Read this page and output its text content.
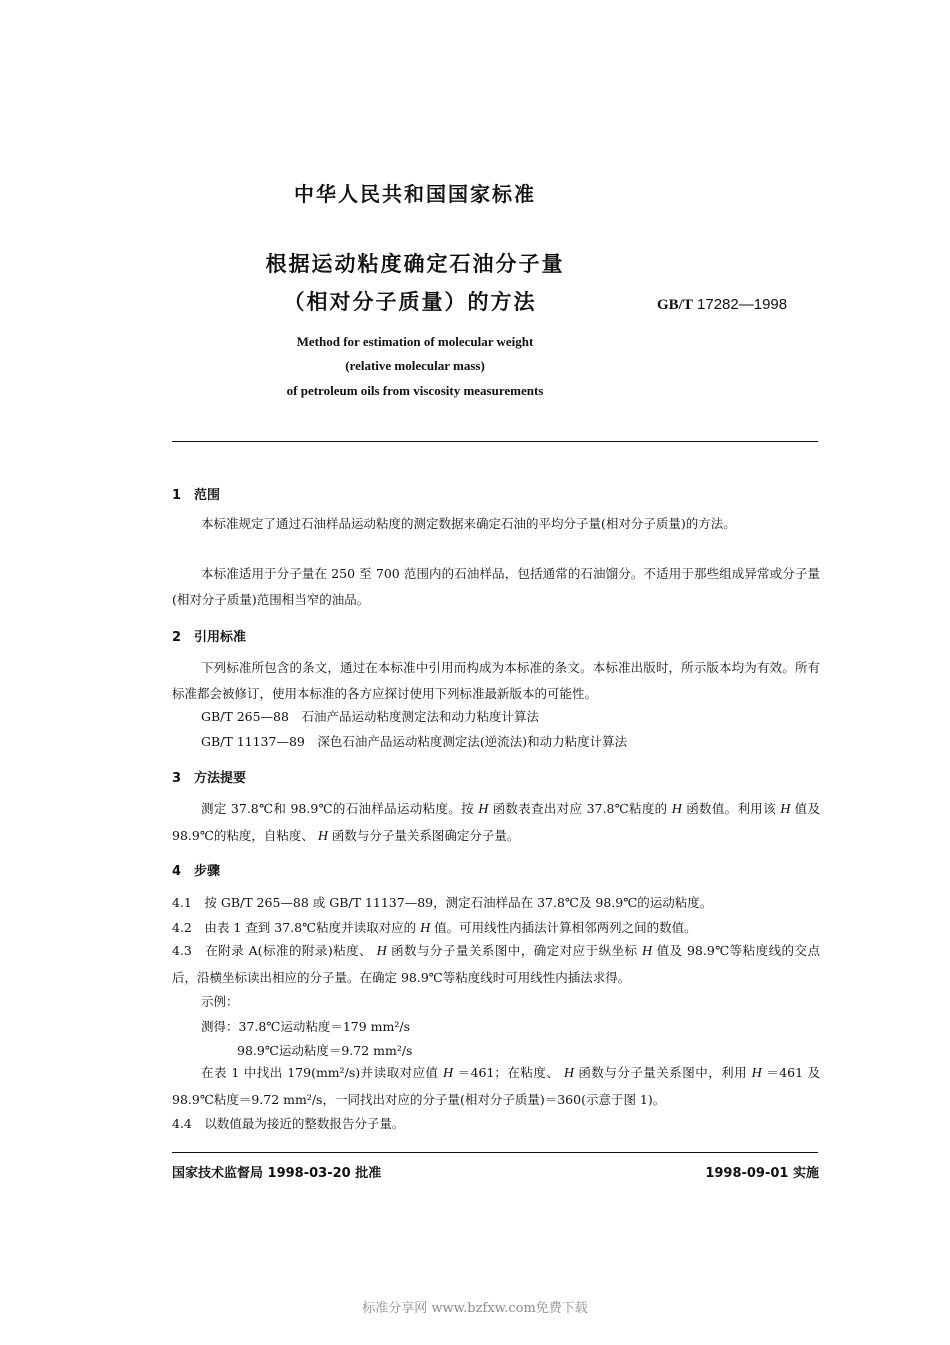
中华人民共和国国家标准
根据运动粘度确定石油分子量
（相对分子质量）的方法	GB/T 17282—1998
Method for estimation of molecular weight
(relative molecular mass)
of petroleum oils from viscosity measurements
1　范围
本标准规定了通过石油样品运动粘度的测定数据来确定石油的平均分子量(相对分子质量)的方法。
本标准适用于分子量在 250 至 700 范围内的石油样品，包括通常的石油馏分。不适用于那些组成异常或分子量(相对分子质量)范围相当窄的油品。
2　引用标准
下列标准所包含的条文，通过在本标准中引用而构成为本标准的条文。本标准出版时，所示版本均为有效。所有标准都会被修订，使用本标准的各方应探讨使用下列标准最新版本的可能性。
GB/T 265—88　石油产品运动粘度测定法和动力粘度计算法
GB/T 11137—89　深色石油产品运动粘度测定法(逆流法)和动力粘度计算法
3　方法提要
测定 37.8℃和 98.9℃的石油样品运动粘度。按 H 函数表查出对应 37.8℃粘度的 H 函数值。利用该 H 值及 98.9℃的粘度，自粘度、 H 函数与分子量关系图确定分子量。
4　步骤
4.1　按 GB/T 265—88 或 GB/T 11137—89，测定石油样品在 37.8℃及 98.9℃的运动粘度。
4.2　由表 1 查到 37.8℃粘度并读取对应的 H 值。可用线性内插法计算相邻两列之间的数值。
4.3　在附录 A(标准的附录)粘度、 H 函数与分子量关系图中，确定对应于纵坐标 H 值及 98.9℃等粘度线的交点后，沿横坐标读出相应的分子量。在确定 98.9℃等粘度线时可用线性内插法求得。
示例：
测得：37.8℃运动粘度＝179 mm²/s
98.9℃运动粘度＝9.72 mm²/s
在表 1 中找出 179(mm²/s)并读取对应值 H ＝461；在粘度、 H 函数与分子量关系图中，利用 H ＝461 及 98.9℃粘度＝9.72 mm²/s，一同找出对应的分子量(相对分子质量)＝360(示意于图 1)。
4.4　以数值最为接近的整数报告分子量。
国家技术监督局 1998-03-20 批准	1998-09-01 实施
标准分享网 www.bzfxw.com免费下载
